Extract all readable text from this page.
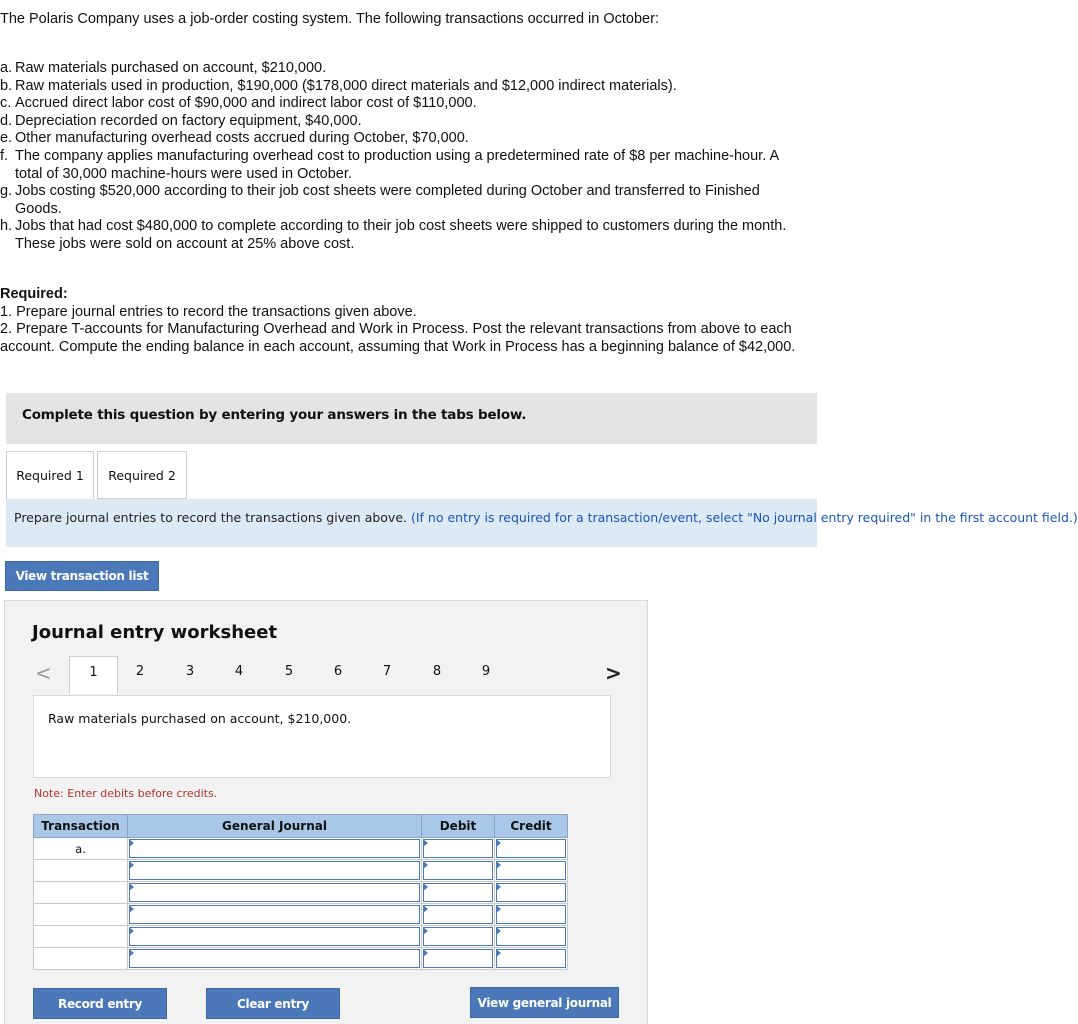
The Polaris Company uses a job-order costing system. The following transactions occurred in October:
a. Raw materials purchased on account, $210,000.
b. Raw materials used in production, $190,000 ($178,000 direct materials and $12,000 indirect materials).
c. Accrued direct labor cost of $90,000 and indirect labor cost of $110,000.
d. Depreciation recorded on factory equipment, $40,000.
e. Other manufacturing overhead costs accrued during October, $70,000.
f. The company applies manufacturing overhead cost to production using a predetermined rate of $8 per machine-hour. A total of 30,000 machine-hours were used in October.
g. Jobs costing $520,000 according to their job cost sheets were completed during October and transferred to Finished Goods.
h. Jobs that had cost $480,000 to complete according to their job cost sheets were shipped to customers during the month. These jobs were sold on account at 25% above cost.
Required:
1. Prepare journal entries to record the transactions given above.
2. Prepare T-accounts for Manufacturing Overhead and Work in Process. Post the relevant transactions from above to each account. Compute the ending balance in each account, assuming that Work in Process has a beginning balance of $42,000.
Complete this question by entering your answers in the tabs below.
Required 1	Required 2
Prepare journal entries to record the transactions given above. (If no entry is required for a transaction/event, select "No journal entry required" in the first account field.)
View transaction list
Journal entry worksheet
<	1	2	3	4	5	6	7	8	9	>
Raw materials purchased on account, $210,000.
Note: Enter debits before credits.
Transaction	General Journal	Debit	Credit
a.	

Record entry	Clear entry	View general journal
